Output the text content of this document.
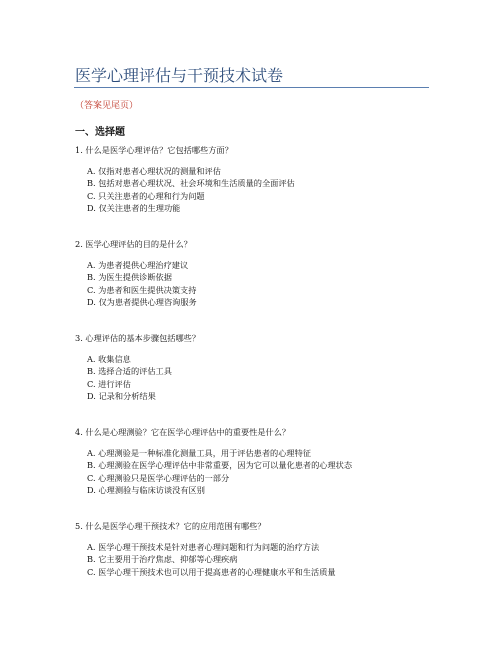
医学心理评估与干预技术试卷
（答案见尾页）
一、选择题
1. 什么是医学心理评估？它包括哪些方面？
A. 仅指对患者心理状况的测量和评估
B. 包括对患者心理状况、社会环境和生活质量的全面评估
C. 只关注患者的心理和行为问题
D. 仅关注患者的生理功能
2. 医学心理评估的目的是什么？
A. 为患者提供心理治疗建议
B. 为医生提供诊断依据
C. 为患者和医生提供决策支持
D. 仅为患者提供心理咨询服务
3. 心理评估的基本步骤包括哪些？
A. 收集信息
B. 选择合适的评估工具
C. 进行评估
D. 记录和分析结果
4. 什么是心理测验？它在医学心理评估中的重要性是什么？
A. 心理测验是一种标准化测量工具，用于评估患者的心理特征
B. 心理测验在医学心理评估中非常重要，因为它可以量化患者的心理状态
C. 心理测验只是医学心理评估的一部分
D. 心理测验与临床访谈没有区别
5. 什么是医学心理干预技术？它的应用范围有哪些？
A. 医学心理干预技术是针对患者心理问题和行为问题的治疗方法
B. 它主要用于治疗焦虑、抑郁等心理疾病
C. 医学心理干预技术也可以用于提高患者的心理健康水平和生活质量
